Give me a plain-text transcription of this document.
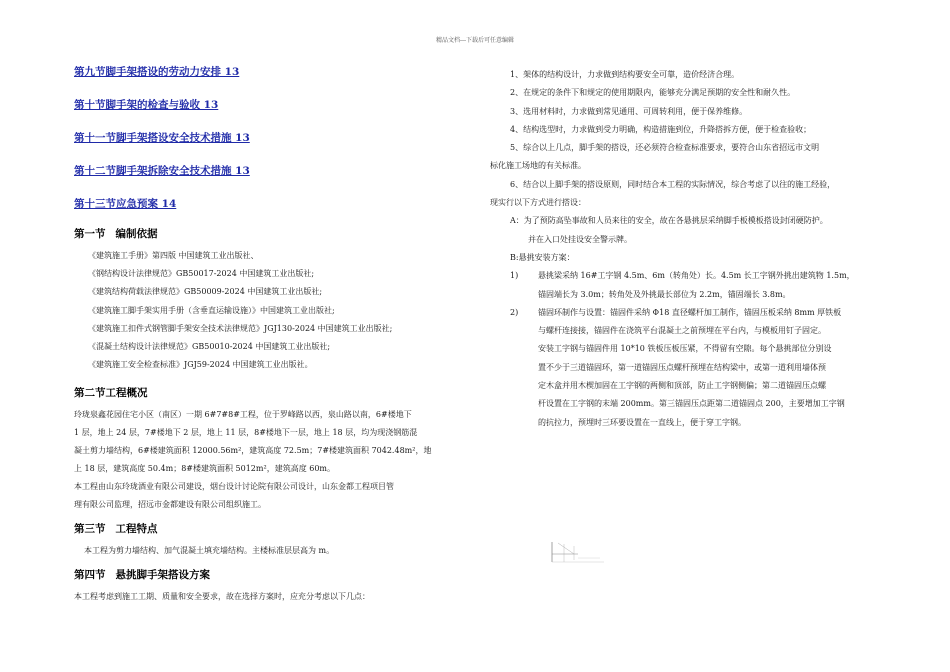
精品文档---下载后可任意编辑
第九节脚手架搭设的劳动力安排 13
第十节脚手架的检查与验收 13
第十一节脚手架搭设安全技术措施 13
第十二节脚手架拆除安全技术措施 13
第十三节应急预案 14
第一节 编制依据
《建筑施工手册》第四版 中国建筑工业出版社、
《钢结构设计法律规范》GB50017-2024 中国建筑工业出版社;
《建筑结构荷载法律规范》GB50009-2024 中国建筑工业出版社;
《建筑施工脚手架实用手册（含垂直运输设施）》中国建筑工业出版社;
《建筑施工扣件式钢管脚手架安全技术法律规范》JGJ130-2024 中国建筑工业出版社;
《混凝土结构设计法律规范》GB50010-2024 中国建筑工业出版社;
《建筑施工安全检查标准》JGJ59-2024 中国建筑工业出版社。
第二节工程概况
玲珑泉鑫花园住宅小区（南区）一期 6#7#8#工程，位于罗峰路以西，泉山路以南，6#楼地下
1 层，地上 24 层，7#楼地下 2 层，地上 11 层，8#楼地下一层，地上 18 层，均为现浇钢筋混
凝土剪力墙结构，6#楼建筑面积 12000.56m²，建筑高度 72.5m；7#楼建筑面积 7042.48m²，地
上 18 层，建筑高度 50.4m；8#楼建筑面积 5012m²，建筑高度 60m。
本工程由山东玲珑酒业有限公司建设，烟台设计讨论院有限公司设计，山东金都工程项目管
理有限公司监理，招远市金都建设有限公司组织施工。
第三节 工程特点
本工程为剪力墙结构、加气混凝土填充墙结构。主楼标准层层高为 m。
第四节 悬挑脚手架搭设方案
本工程考虑到施工工期、质量和安全要求，故在选择方案时，应充分考虑以下几点：
1、架体的结构设计，力求做到结构要安全可靠，造价经济合理。
2、在规定的条件下和规定的使用期限内，能够充分满足预期的安全性和耐久性。
3、选用材料时，力求做到常见通用、可周转利用，便于保养维修。
4、结构选型时，力求做到受力明确，构造措施到位，升降搭拆方便，便于检查验收；
5、综合以上几点，脚手架的搭设，还必须符合检查标准要求，要符合山东省招远市文明
标化施工场地的有关标准。
6、结合以上脚手架的搭设原则，同时结合本工程的实际情况，综合考虑了以往的施工经验，
现实行以下方式进行搭设：
A：为了预防高坠事故和人员来往的安全，故在各悬挑层采纳脚手板模板搭设封闭硬防护。
并在入口处挂设安全警示牌。
B:悬挑安装方案：
1)	悬挑梁采纳 16#工字钢 4.5m、6m（转角处）长。4.5m 长工字钢外挑出建筑物 1.5m，
锚固端长为 3.0m；转角处及外挑最长部位为 2.2m，锚固端长 3.8m。
2)	锚固环制作与设置：锚固件采纳 Φ18 直径螺杆加工制作，锚固压板采纳 8mm 厚铁板
与螺杆连接接，锚固件在浇筑平台混凝土之前预埋在平台内，与模板用钉子固定。
安装工字钢与锚固件用 10*10 铁板压板压紧，不得留有空隙。每个悬挑部位分别设
置不少于三道锚固环，第一道锚固压点螺杆预埋在结构梁中，或第一道利用墙体预
定木盒并用木楔加固在工字钢的两侧和顶部，防止工字钢侧偏；第二道锚固压点螺
杆设置在工字钢的末端 200mm。第三锚固压点距第二道锚固点 200，主要增加工字钢
的抗拉力，预埋时三环要设置在一直线上，便于穿工字钢。
